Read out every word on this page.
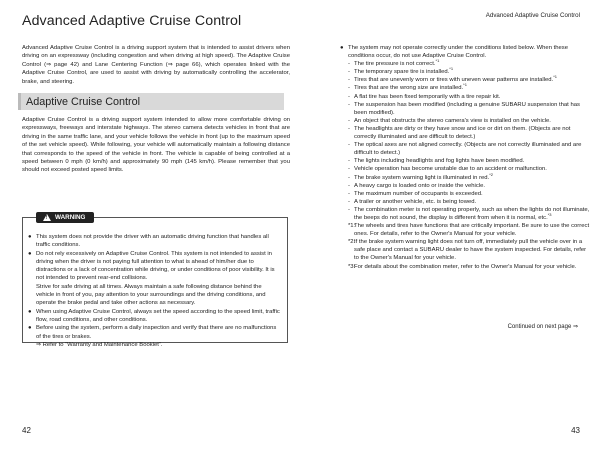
Advanced Adaptive Cruise Control

Advanced Adaptive Cruise Control is a driving support system that is intended to assist drivers when driving on an expressway (including congestion and when driving at high speed). The Adaptive Cruise Control (⇒ page 42) and Lane Centering Function (⇒ page 66), which operates linked with the Adaptive Cruise Control, are used to assist with driving by automatically controlling the accelerator, brake, and steering.

Adaptive Cruise Control

Adaptive Cruise Control is a driving support system intended to allow more comfortable driving on expressways, freeways and interstate highways. The stereo camera detects vehicles in front that are driving in the same traffic lane, and your vehicle follows the vehicle in front (up to the maximum speed of the set vehicle speed). While following, your vehicle will automatically maintain a following distance that corresponds to the speed of the vehicle in front. The vehicle is capable of being controlled at a speed between 0 mph (0 km/h) and approximately 90 mph (145 km/h). Please remember that you should not exceed posted speed limits.

!
WARNING
● This system does not provide the driver with an automatic driving function that handles all traffic conditions.
● Do not rely excessively on Adaptive Cruise Control. This system is not intended to assist in driving when the driver is not paying full attention to what is ahead of him/her due to distractions or a lack of concentration while driving, or under conditions of poor visibility. It is not intended to prevent rear-end collisions.
Strive for safe driving at all times. Always maintain a safe following distance behind the vehicle in front of you, pay attention to your surroundings and the driving conditions, and operate the brake pedal and take other actions as necessary.
● When using Adaptive Cruise Control, always set the speed according to the speed limit, traffic flow, road conditions, and other conditions.
● Before using the system, perform a daily inspection and verify that there are no malfunctions of the tires or brakes.
⇒ Refer to “Warranty and Maintenance Booklet”.
42
Advanced Adaptive Cruise Control
● The system may not operate correctly under the conditions listed below. When these conditions occur, do not use Adaptive Cruise Control.
- The tire pressure is not correct.$^{*1}$
- The temporary spare tire is installed.$^{*1}$
- Tires that are unevenly worn or tires with uneven wear patterns are installed.$^{*1}$
- Tires that are the wrong size are installed.$^{*1}$
- A flat tire has been fixed temporarily with a tire repair kit.
- The suspension has been modified (including a genuine SUBARU suspension that has been modified).
- An object that obstructs the stereo camera's view is installed on the vehicle.
- The headlights are dirty or they have snow and ice or dirt on them. (Objects are not correctly illuminated and are difficult to detect.)
- The optical axes are not aligned correctly. (Objects are not correctly illuminated and are difficult to detect.)
- The lights including headlights and fog lights have been modified.
- Vehicle operation has become unstable due to an accident or malfunction.
- The brake system warning light is illuminated in red.$^{*2}$
- A heavy cargo is loaded onto or inside the vehicle.
- The maximum number of occupants is exceeded.
- A trailer or another vehicle, etc. is being towed.
- The combination meter is not operating properly, such as when the lights do not illuminate, the beeps do not sound, the display is different from when it is normal, etc.$^{*3}$
*1:
The wheels and tires have functions that are critically important. Be sure to use the correct ones. For details, refer to the Owner's Manual for your vehicle.
*2:
If the brake system warning light does not turn off, immediately pull the vehicle over in a safe place and contact a SUBARU dealer to have the system inspected. For details, refer to the Owner's Manual for your vehicle.
*3:
For details about the combination meter, refer to the Owner's Manual for your vehicle.
Continued on next page ⇒
43
